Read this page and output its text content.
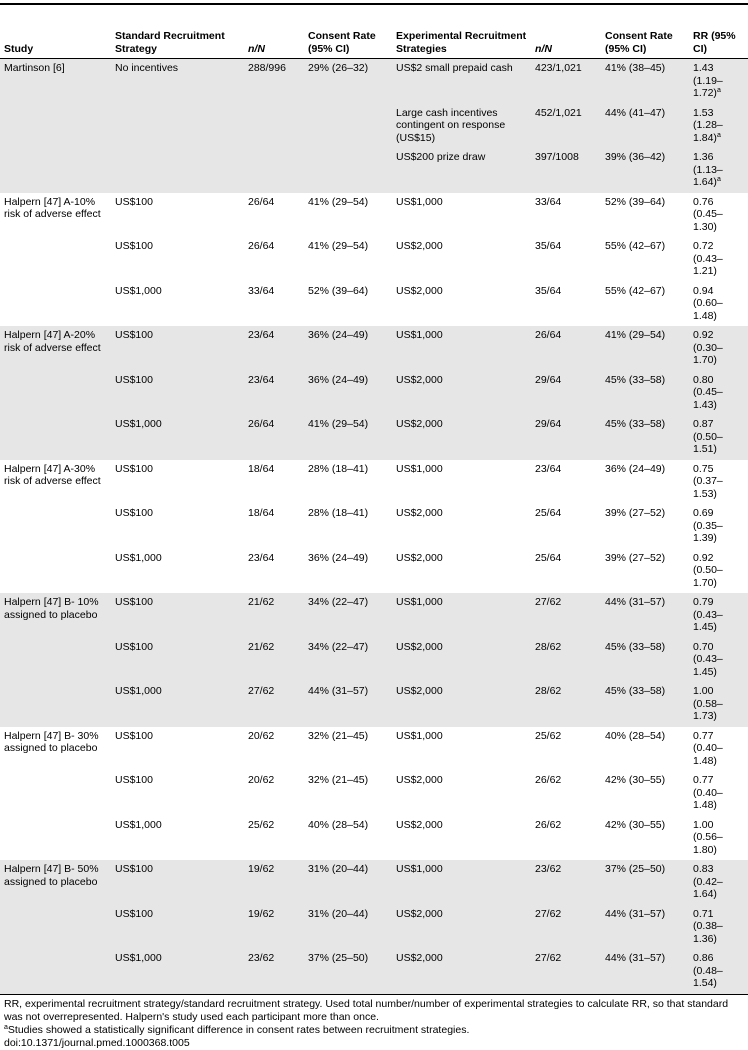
Study	Standard Recruitment Strategy	n/N	Consent Rate (95% CI)	Experimental Recruitment Strategies	n/N	Consent Rate (95% CI)	RR (95% CI)
Martinson [6]	No incentives	288/996	29% (26–32)	US$2 small prepaid cash	423/1,021	41% (38–45)	1.43 $(1.19-1.72)^a$
				Large cash incentives contingent on response (US$15)	452/1,021	44% (41–47)	1.53 $(1.28-1.84)^a$
				US$200 prize draw	397/1008	39% (36–42)	1.36 $(1.13-1.64)^a$
Halpern [47] A-10% risk of adverse effect	US$100	26/64	41% (29–54)	US$1,000	33/64	52% (39–64)	0.76 (0.45–1.30)
	US$100	26/64	41% (29–54)	US$2,000	35/64	55% (42–67)	0.72 (0.43–1.21)
	US$1,000	33/64	52% (39–64)	US$2,000	35/64	55% (42–67)	0.94 (0.60–1.48)
Halpern [47] A-20% risk of adverse effect	US$100	23/64	36% (24–49)	US$1,000	26/64	41% (29–54)	0.92 (0.30–1.70)
	US$100	23/64	36% (24–49)	US$2,000	29/64	45% (33–58)	0.80 (0.45–1.43)
	US$1,000	26/64	41% (29–54)	US$2,000	29/64	45% (33–58)	0.87 (0.50–1.51)
Halpern [47] A-30% risk of adverse effect	US$100	18/64	28% (18–41)	US$1,000	23/64	36% (24–49)	0.75 (0.37–1.53)
	US$100	18/64	28% (18–41)	US$2,000	25/64	39% (27–52)	0.69 (0.35–1.39)
	US$1,000	23/64	36% (24–49)	US$2,000	25/64	39% (27–52)	0.92 (0.50–1.70)
Halpern [47] B- 10% assigned to placebo	US$100	21/62	34% (22–47)	US$1,000	27/62	44% (31–57)	0.79 (0.43–1.45)
	US$100	21/62	34% (22–47)	US$2,000	28/62	45% (33–58)	0.70 (0.43–1.45)
	US$1,000	27/62	44% (31–57)	US$2,000	28/62	45% (33–58)	1.00 (0.58–1.73)
Halpern [47] B- 30% assigned to placebo	US$100	20/62	32% (21–45)	US$1,000	25/62	40% (28–54)	0.77 (0.40–1.48)
	US$100	20/62	32% (21–45)	US$2,000	26/62	42% (30–55)	0.77 (0.40–1.48)
	US$1,000	25/62	40% (28–54)	US$2,000	26/62	42% (30–55)	1.00 (0.56–1.80)
Halpern [47] B- 50% assigned to placebo	US$100	19/62	31% (20–44)	US$1,000	23/62	37% (25–50)	0.83 (0.42–1.64)
	US$100	19/62	31% (20–44)	US$2,000	27/62	44% (31–57)	0.71 (0.38–1.36)
	US$1,000	23/62	37% (25–50)	US$2,000	27/62	44% (31–57)	0.86 (0.48–1.54)

RR, experimental recruitment strategy/standard recruitment strategy. Used total number/number of experimental strategies to calculate RR, so that standard was not overrepresented. Halpern's study used each participant more than once.

$^a$Studies showed a statistically significant difference in consent rates between recruitment strategies.

doi:10.1371/journal.pmed.1000368.t005
